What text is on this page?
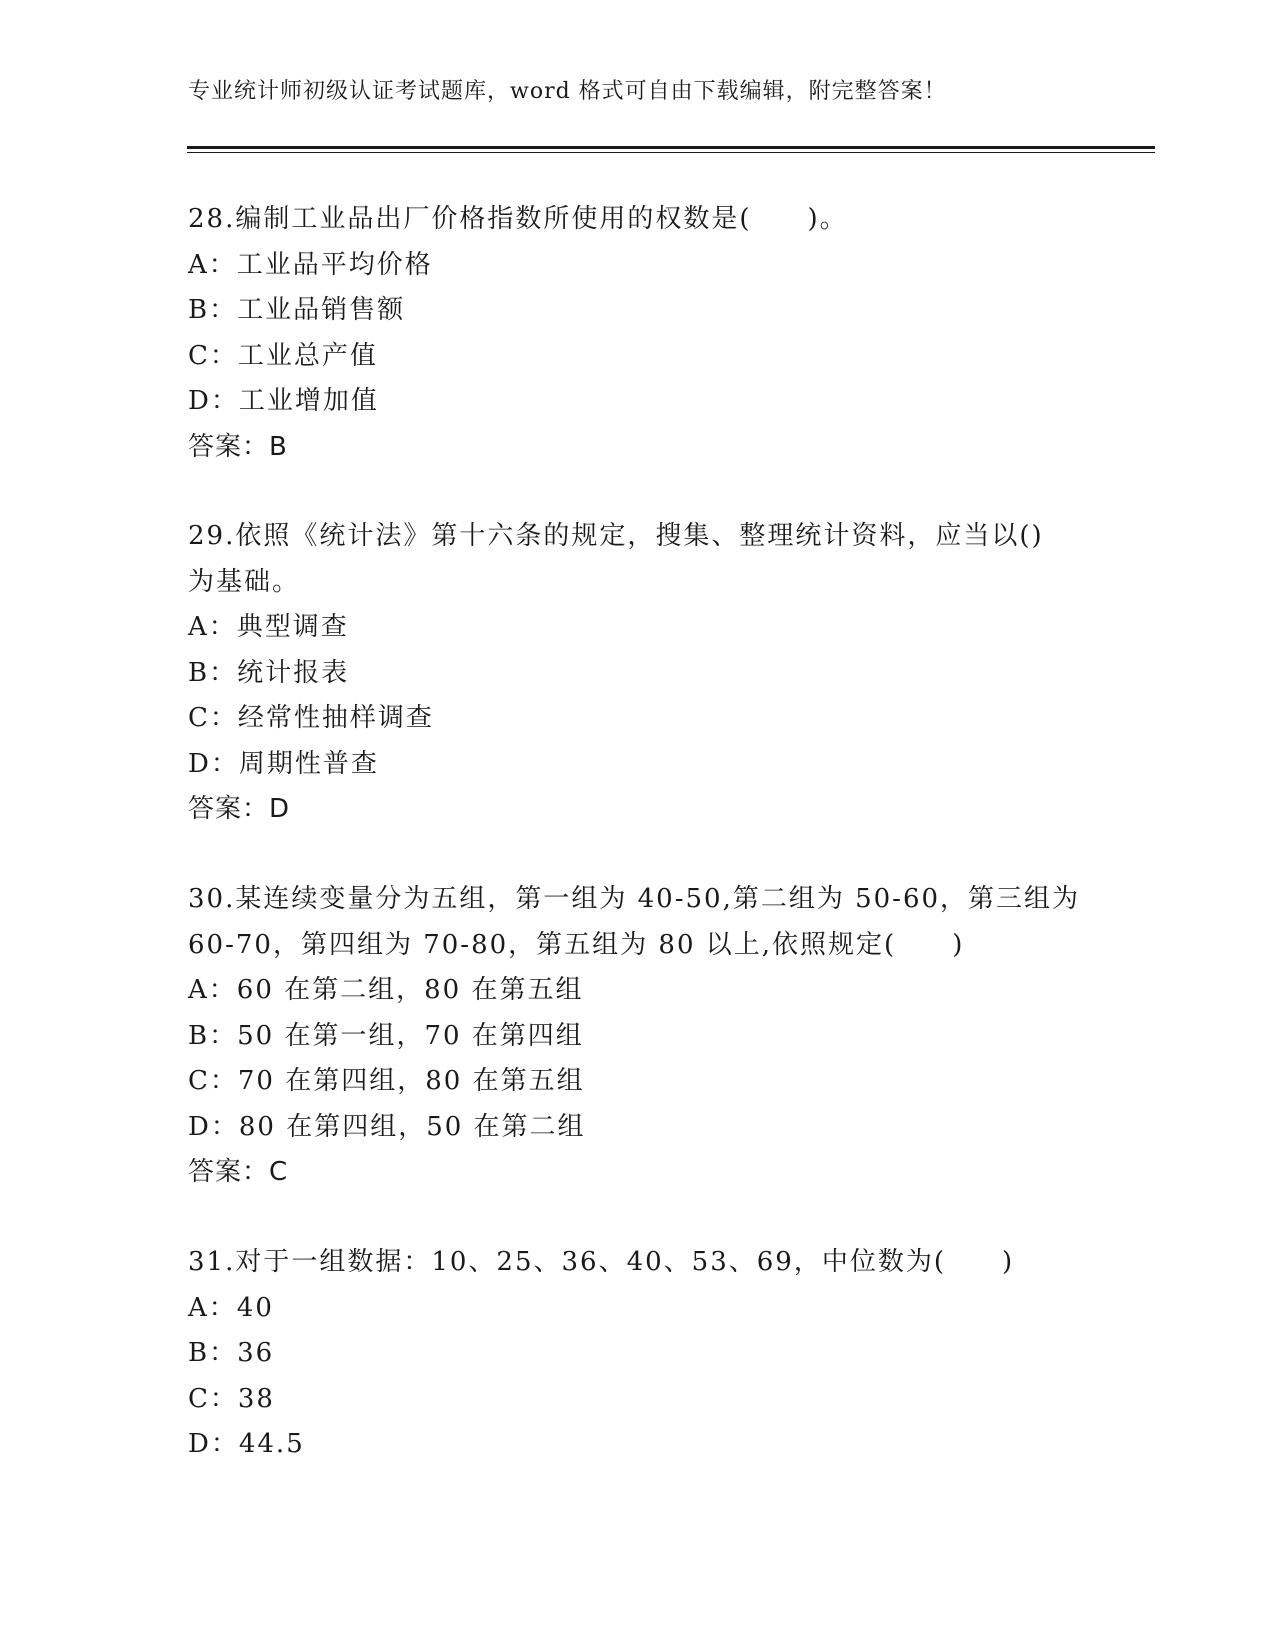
专业统计师初级认证考试题库，word 格式可自由下载编辑，附完整答案！
28.编制工业品出厂价格指数所使用的权数是(　　)。
A：工业品平均价格
B：工业品销售额
C：工业总产值
D：工业增加值
答案：B
29.依照《统计法》第十六条的规定，搜集、整理统计资料，应当以()
为基础。
A：典型调查
B：统计报表
C：经常性抽样调查
D：周期性普查
答案：D
30.某连续变量分为五组，第一组为 40-50,第二组为 50-60，第三组为
60-70，第四组为 70-80，第五组为 80 以上,依照规定(　　)
A：60 在第二组，80 在第五组
B：50 在第一组，70 在第四组
C：70 在第四组，80 在第五组
D：80 在第四组，50 在第二组
答案：C
31.对于一组数据：10、25、36、40、53、69，中位数为(　　)
A：40
B：36
C：38
D：44.5
